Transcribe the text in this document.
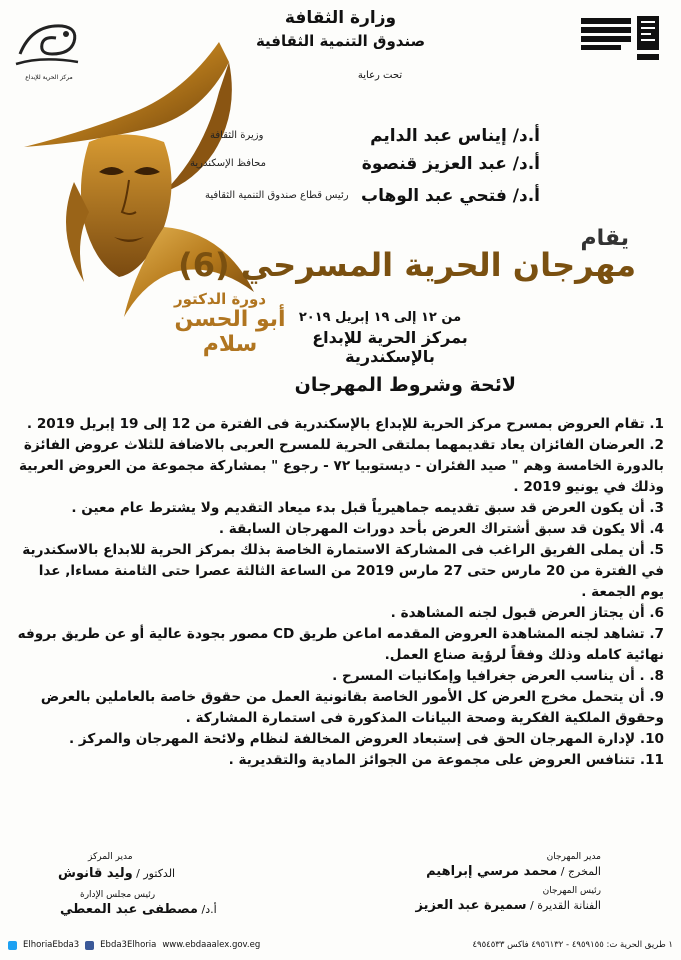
وزارة الثقافة
صندوق التنمية الثقافية
تحت رعاية
مركز الحرية للإبداع
أ.د/ إيناس عبد الدايم
وزيرة الثقافة
أ.د/ عبد العزيز قنصوة
محافظ الإسكندرية
أ.د/ فتحي عبد الوهاب
رئيس قطاع صندوق التنمية الثقافية
يقام
مهرجان الحرية المسرحي (6)
دورة الدكتور
أبو الحسن سلام
من ١٢ إلى ١٩ إبريل ٢٠١٩
بمركز الحرية للإبداع بالإسكندرية
لائحة وشروط المهرجان
1. تقام العروض بمسرح مركز الحرية للإبداع بالإسكندرية فى الفترة من 12 إلى 19 إبريل 2019 .
2. العرضان الفائزان يعاد تقديمهما بملتقى الحرية للمسرح العربى بالاضافة للثلاث عروض الفائزة بالدورة الخامسة وهم " صيد الفئران - ديستوبيا ٧٢ - رجوع " بمشاركة مجموعة من العروض العربية وذلك في يونيو 2019 .
3. أن يكون العرض قد سبق تقديمه جماهيرياً قبل بدء ميعاد التقديم ولا يشترط عام معين .
4. ألا يكون قد سبق أشتراك العرض بأحد دورات المهرجان السابقة .
5. أن يملى الفريق الراغب فى المشاركة الاستمارة الخاصة بذلك بمركز الحرية للابداع بالاسكندرية في الفترة من 20 مارس حتى 27 مارس 2019 من الساعة الثالثة عصرا حتى الثامنة مساءا, عدا يوم الجمعة .
6. أن يجتاز العرض قبول لجنه المشاهدة .
7. تشاهد لجنه المشاهدة العروض المقدمه اماعن طريق CD مصور بجودة عالية أو عن طريق بروفه نهائية كامله وذلك وفقاً لرؤية صناع العمل.
8. . أن يناسب العرض جغرافيا وإمكانيات المسرح .
9. أن يتحمل مخرج العرض كل الأمور الخاصة بقانونية العمل من حقوق خاصة بالعاملين بالعرض وحقوق الملكية الفكرية وصحة البيانات المذكورة فى استمارة المشاركة .
10. لإدارة المهرجان الحق فى إستبعاد العروض المخالفة لنظام ولائحة المهرجان والمركز .
11. تتنافس العروض على مجموعة من الجوائز المادية والتقديرية .
مدير المهرجان
المخرج / محمد مرسي إبراهيم
رئيس المهرجان
الفنانة القديرة / سميرة عبد العزيز
مدير المركز
الدكتور / وليد قانوش
رئيس مجلس الإدارة
أ.د/ مصطفى عبد المعطي
ElhoriaEbda3 Ebda3Elhoria www.ebdaaalex.gov.eg	١ طريق الحرية ت: ٤٩٥٩١٥٥ - ٤٩٥٦١٣٢ فاكس ٤٩٥٤٥٣٣
